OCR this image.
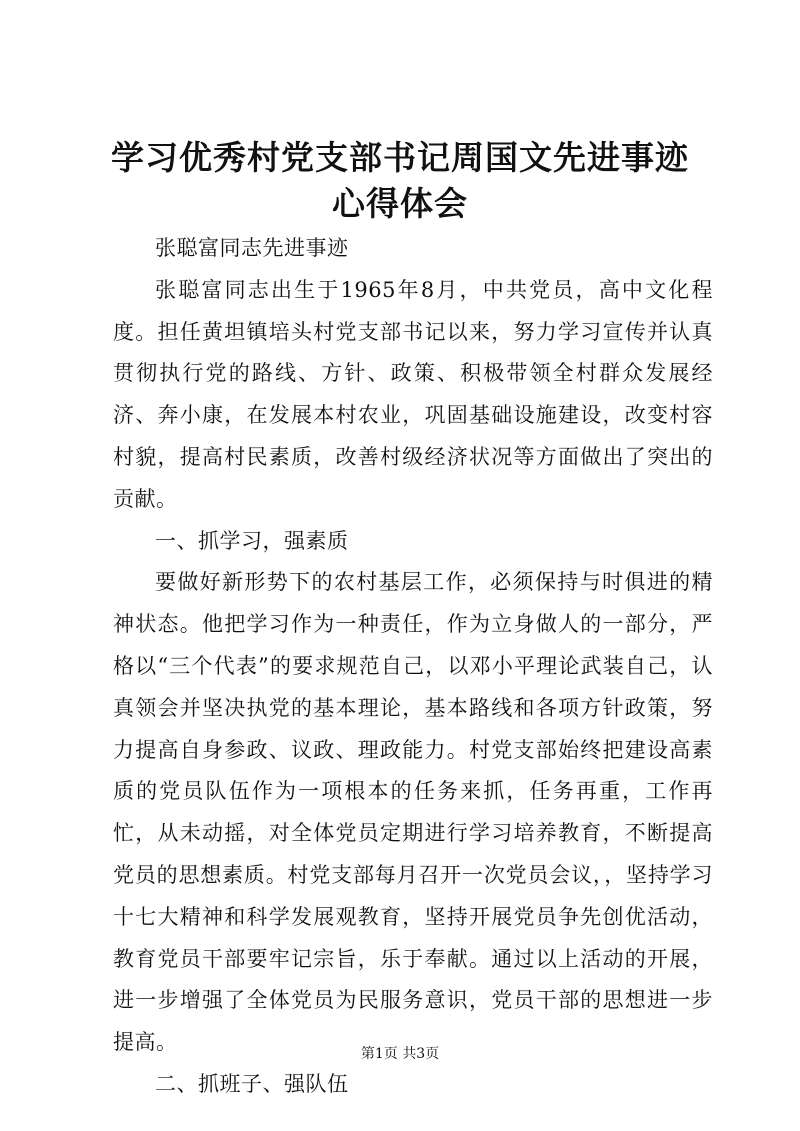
学习优秀村党支部书记周国文先进事迹心得体会

张聪富同志先进事迹

张聪富同志出生于1965年8月，中共党员，高中文化程度。担任黄坦镇培头村党支部书记以来，努力学习宣传并认真贯彻执行党的路线、方针、政策、积极带领全村群众发展经济、奔小康，在发展本村农业，巩固基础设施建设，改变村容村貌，提高村民素质，改善村级经济状况等方面做出了突出的贡献。

一、抓学习，强素质

要做好新形势下的农村基层工作，必须保持与时俱进的精神状态。他把学习作为一种责任，作为立身做人的一部分，严格以“三个代表”的要求规范自己，以邓小平理论武装自己，认真领会并坚决执党的基本理论，基本路线和各项方针政策，努力提高自身参政、议政、理政能力。村党支部始终把建设高素质的党员队伍作为一项根本的任务来抓，任务再重，工作再忙，从未动摇，对全体党员定期进行学习培养教育，不断提高党员的思想素质。村党支部每月召开一次党员会议，，坚持学习十七大精神和科学发展观教育，坚持开展党员争先创优活动，教育党员干部要牢记宗旨，乐于奉献。通过以上活动的开展，进一步增强了全体党员为民服务意识，党员干部的思想进一步提高。

二、抓班子、强队伍

第1页 共3页
